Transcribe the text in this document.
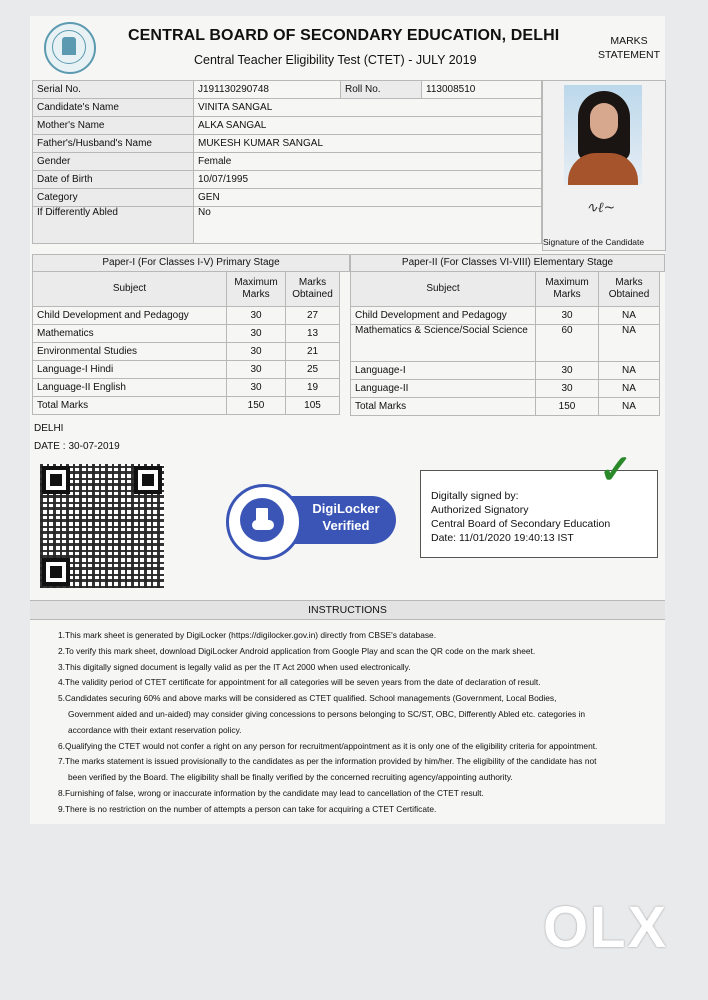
CENTRAL BOARD OF SECONDARY EDUCATION, DELHI
Central Teacher Eligibility Test (CTET) - JULY 2019
MARKS
STATEMENT
Serial No.	J191130290748	Roll No.	113008510
Candidate's Name	VINITA SANGAL		
Mother's Name	ALKA SANGAL		
Father's/Husband's Name	MUKESH KUMAR SANGAL		
Gender	Female		
Date of Birth	10/07/1995		
Category	GEN		
If Differently Abled	No			∿ℓ~
Signature of the Candidate
Paper-I (For Classes I-V) Primary Stage	Paper-II (For Classes VI-VIII) Elementary Stage
Subject	Maximum Marks	Marks Obtained
Child Development and Pedagogy	30	27
Mathematics	30	13
Environmental Studies	30	21
Language-I Hindi	30	25
Language-II English	30	19
Total Marks	150	105
Subject	Maximum Marks	Marks Obtained
Child Development and Pedagogy	30	NA
Mathematics & Science/Social Science	60	NA
Language-I	30	NA
Language-II	30	NA
Total Marks	150	NA
DELHI
DATE : 30-07-2019
DigiLocker
Verified
✓
Digitally signed by:
Authorized Signatory
Central Board of Secondary Education
Date: 11/01/2020 19:40:13 IST
INSTRUCTIONS
1.This mark sheet is generated by DigiLocker (https://digilocker.gov.in) directly from CBSE's database.
2.To verify this mark sheet, download DigiLocker Android application from Google Play and scan the QR code on the mark sheet.
3.This digitally signed document is legally valid as per the IT Act 2000 when used electronically.
4.The validity period of CTET certificate for appointment for all categories will be seven years from the date of declaration of result.
5.Candidates securing 60% and above marks will be considered as CTET qualified. School managements (Government, Local Bodies,
Government aided and un-aided) may consider giving concessions to persons belonging to SC/ST, OBC, Differently Abled etc. categories in
accordance with their extant reservation policy.
6.Qualifying the CTET would not confer a right on any person for recruitment/appointment as it is only one of the eligibility criteria for appointment.
7.The marks statement is issued provisionally to the candidates as per the information provided by him/her. The eligibility of the candidate has not
been verified by the Board. The eligibility shall be finally verified by the concerned recruiting agency/appointing authority.
8.Furnishing of false, wrong or inaccurate information by the candidate may lead to cancellation of the CTET result.
9.There is no restriction on the number of attempts a person can take for acquiring a CTET Certificate.
OLX
